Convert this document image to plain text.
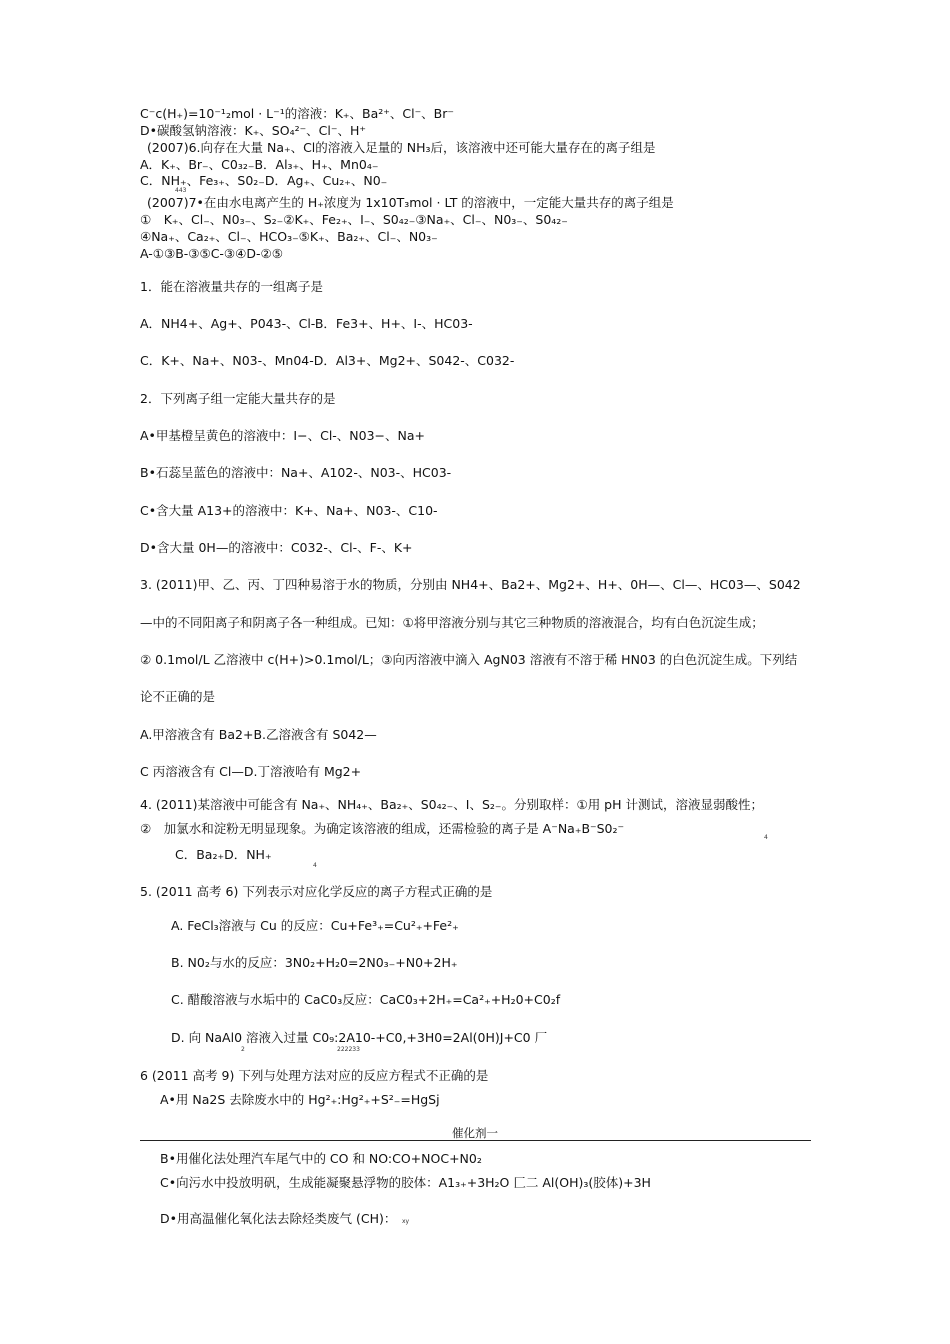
C⁻c(H₊)=10⁻¹₂mol · L⁻¹的溶液：K₊、Ba²⁺、Cl⁻、Br⁻
D•碳酸氢钠溶液：K₊、SO₄²⁻、Cl⁻、H⁺
(2007)6.向存在大量 Na₊、Cl的溶液入足量的 NH₃后，该溶液中还可能大量存在的离子组是
A．K₊、Br₋、C0₃₂₋B．Al₃₊、H₊、Mn0₄₋
C．NH₊、Fe₃₊、S0₂₋D．Ag₊、Cu₂₊、N0₋
443
(2007)7•在由水电离产生的 H₊浓度为 1x10T₃mol · LT 的溶液中，一定能大量共存的离子组是
①　K₊、Cl₋、N0₃₋、S₂₋②K₊、Fe₂₊、I₋、S0₄₂₋③Na₊、Cl₋、N0₃₋、S0₄₂₋
④Na₊、Ca₂₊、Cl₋、HCO₃₋⑤K₊、Ba₂₊、Cl₋、N0₃₋
A-①③B-③⑤C-③④D-②⑤
1．能在溶液量共存的一组离子是
A．NH4+、Ag+、P043-、Cl-B．Fe3+、H+、I-、HC03-
C．K+、Na+、N03-、Mn04-D．Al3+、Mg2+、S042-、C032-
2．下列离子组一定能大量共存的是
A•甲基橙呈黄色的溶液中：I−、Cl-、N03−、Na+
B•石蕊呈蓝色的溶液中：Na+、A102-、N03-、HC03-
C•含大量 A13+的溶液中：K+、Na+、N03-、C10-
D•含大量 0H—的溶液中：C032-、Cl-、F-、K+
3. (2011)甲、乙、丙、丁四种易溶于水的物质，分别由 NH4+、Ba2+、Mg2+、H+、0H—、Cl—、HC03—、S042
—中的不同阳离子和阴离子各一种组成。已知：①将甲溶液分别与其它三种物质的溶液混合，均有白色沉淀生成；
② 0.1mol/L 乙溶液中 c(H+)>0.1mol/L；③向丙溶液中滴入 AgN03 溶液有不溶于稀 HN03 的白色沉淀生成。下列结
论不正确的是
A.甲溶液含有 Ba2+B.乙溶液含有 S042—
C 丙溶液含有 Cl—D.丁溶液哈有 Mg2+
4. (2011)某溶液中可能含有 Na₊、NH₄₊、Ba₂₊、S0₄₂₋、I、S₂₋。分别取样：①用 pH 计测试，溶液显弱酸性；
②　加氯水和淀粉无明显现象。为确定该溶液的组成，还需检验的离子是 A⁻Na₊B⁻S0₂⁻
4
C．Ba₂₊D．NH₊
4
5. (2011 高考 6) 下列表示对应化学反应的离子方程式正确的是
A. FeCl₃溶液与 Cu 的反应：Cu+Fe³₊=Cu²₊+Fe²₊
B. N0₂与水的反应：3N0₂+H₂0=2N0₃₋+N0+2H₊
C. 醋酸溶液与水垢中的 CaC0₃反应：CaC0₃+2H₊=Ca²₊+H₂0+C0₂f
D. 向 NaAl0 溶液入过量 C0₉:2A10-+C0,+3H0=2Al(0H)J+C0 厂
2	222233
6 (2011 高考 9) 下列与处理方法对应的反应方程式不正确的是
A•用 Na2S 去除废水中的 Hg²₊:Hg²₊+S²₋=HgSj
催化剂一
B•用催化法处理汽车尾气中的 CO 和 NO:CO+NOC+N0₂
C•向污水中投放明矾，生成能凝聚悬浮物的胶体：A1₃₊+3H₂O 匚二 Al(OH)₃(胶体)+3H
D•用高温催化氧化法去除烃类废气 (CH)： xy
